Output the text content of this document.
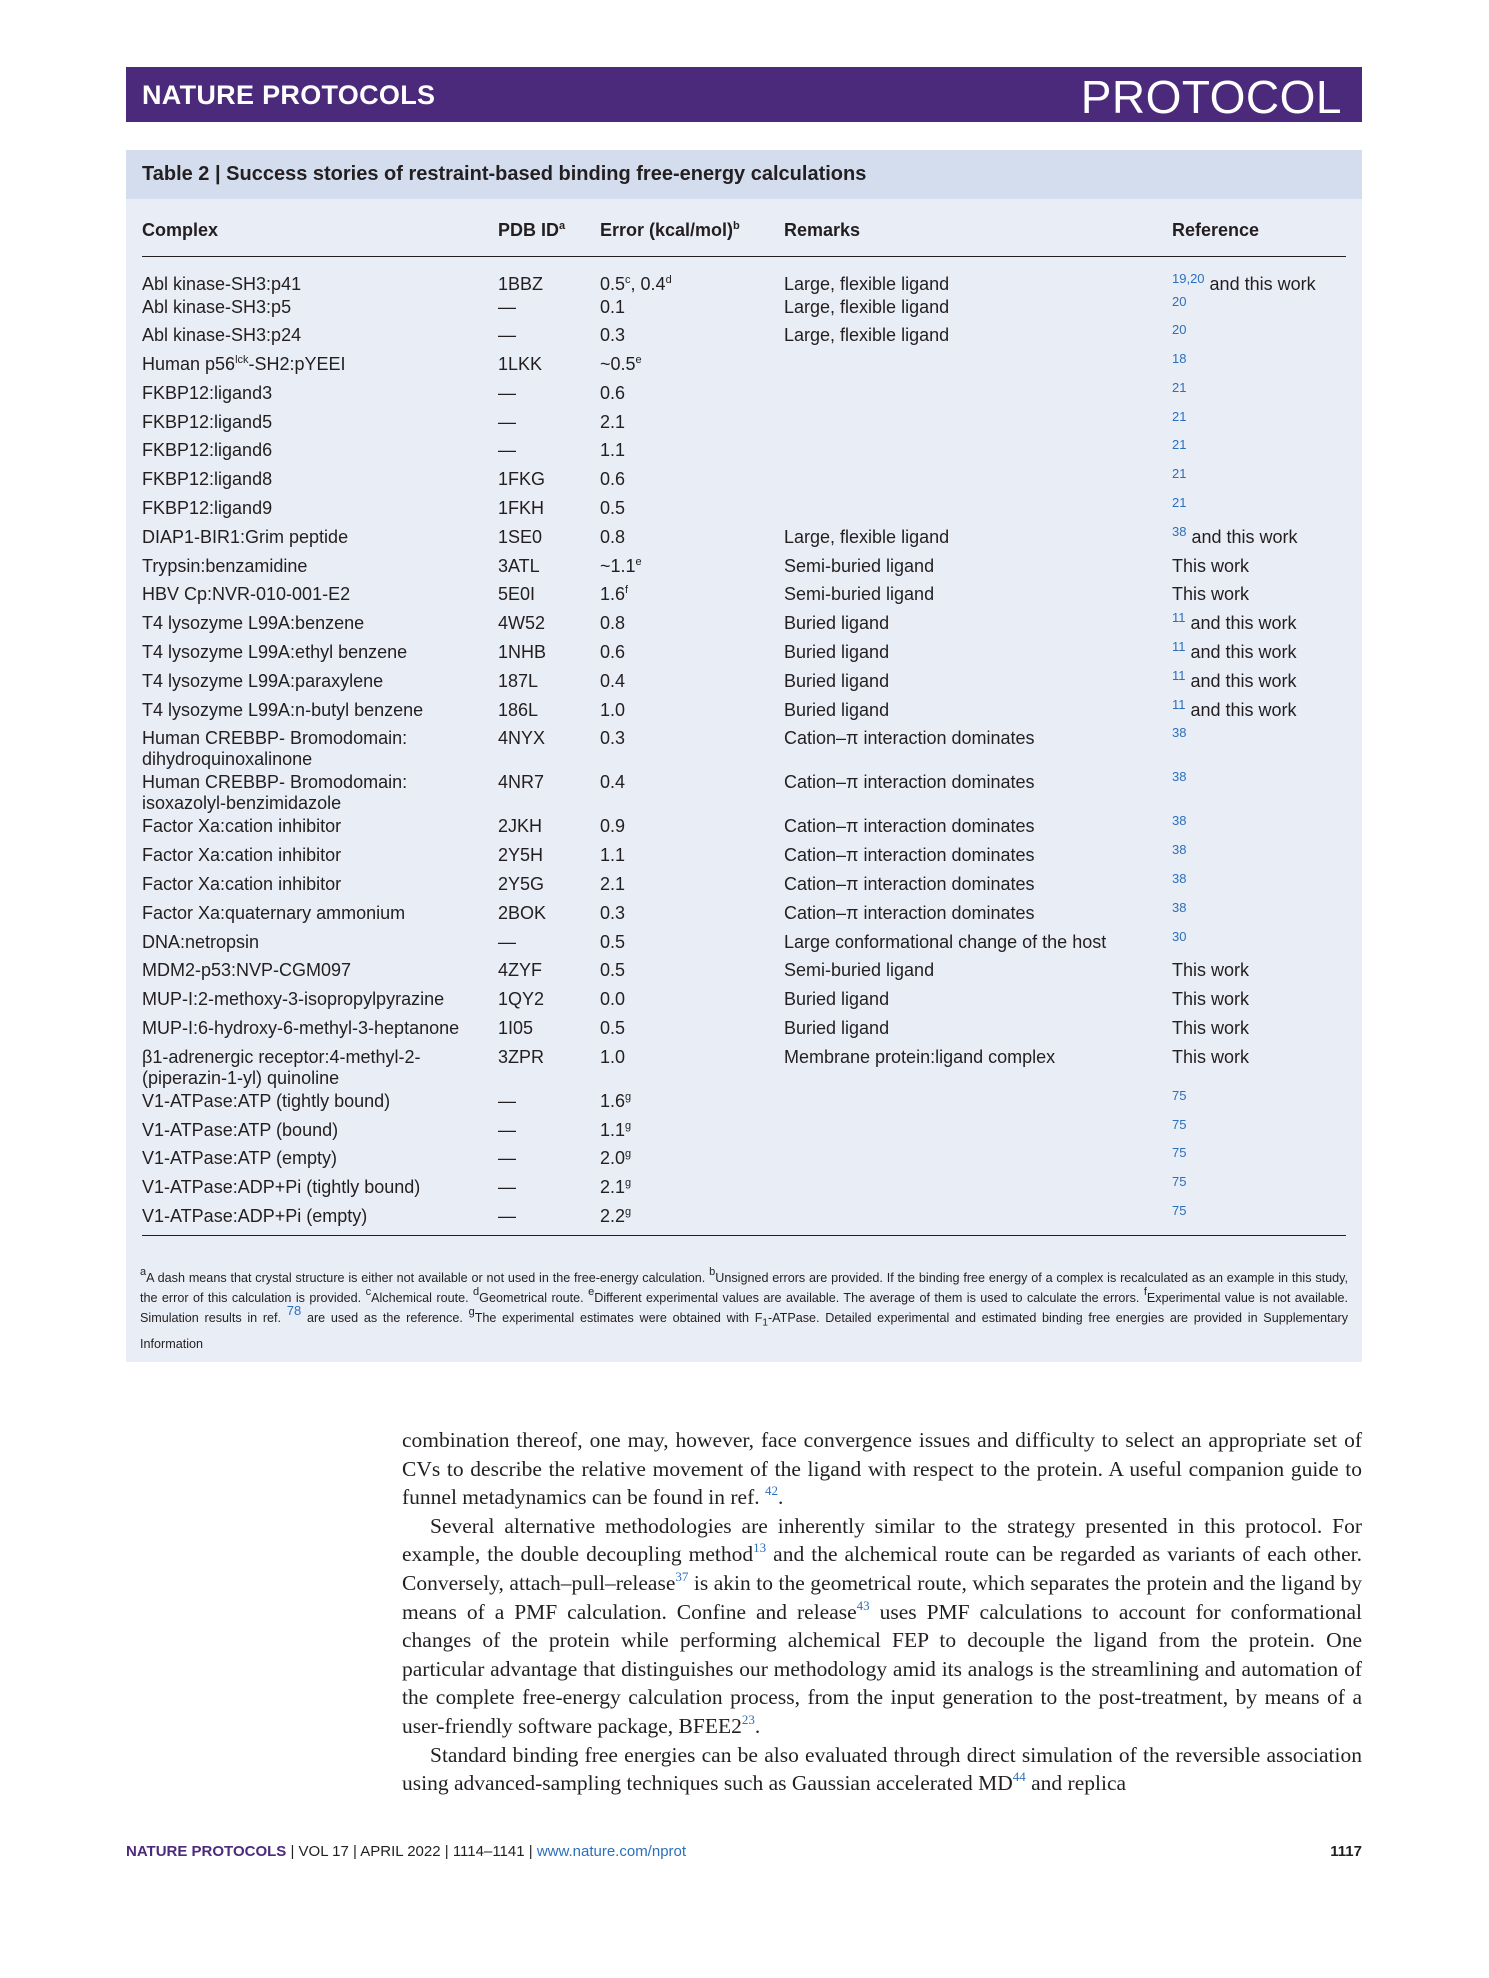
NATURE PROTOCOLS	PROTOCOL
Table 2 | Success stories of restraint-based binding free-energy calculations
Complex	PDB $ID^a$	Error (kcal/mol)$^b$	Remarks	Reference
Abl kinase-SH3:p41	1BBZ	0.5$^c$, 0.4$^d$	Large, flexible ligand	$^{19,20}$ and this work
Abl kinase-SH3:p5	—	0.1	Large, flexible ligand	$^{20}$
Abl kinase-SH3:p24	—	0.3	Large, flexible ligand	$^{20}$
Human $p56^{lck}-SH2:pYEEI$	1LKK	~0.5e		$^{18}$
FKBP12:ligand3	—	0.6		$^{21}$
FKBP12:ligand5	—	2.1		$^{21}$
FKBP12:ligand6	—	1.1		$^{21}$
FKBP12:ligand8	1FKG	0.6		$^{21}$
FKBP12:ligand9	1FKH	0.5		$^{21}$
DIAP1-BIR1:Grim peptide	1SE0	0.8	Large, flexible ligand	$^{38}$ and this work
Trypsin:benzamidine	3ATL	~1.1e	Semi-buried ligand	This work
HBV Cp:NVR-010-001-E2	5E0I	1.6$^f$	Semi-buried ligand	This work
T4 lysozyme L99A:benzene	4W52	0.8	Buried ligand	$^{11}$ and this work
T4 lysozyme L99A:ethyl benzene	1NHB	0.6	Buried ligand	$^{11}$ and this work
T4 lysozyme L99A:paraxylene	187L	0.4	Buried ligand	$^{11}$ and this work
T4 lysozyme L99A:n-butyl benzene	186L	1.0	Buried ligand	$^{11}$ and this work
Human CREBBP- Bromodomain:
dihydroquinoxalinone	4NYX	0.3	Cation–π interaction dominates	$^{38}$
Human CREBBP- Bromodomain:
isoxazolyl-benzimidazole	4NR7	0.4	Cation–π interaction dominates	$^{38}$
Factor Xa:cation inhibitor	2JKH	0.9	Cation–π interaction dominates	$^{38}$
Factor Xa:cation inhibitor	2Y5H	1.1	Cation–π interaction dominates	$^{38}$
Factor Xa:cation inhibitor	2Y5G	2.1	Cation–π interaction dominates	$^{38}$
Factor Xa:quaternary ammonium	2BOK	0.3	Cation–π interaction dominates	$^{38}$
DNA:netropsin	—	0.5	Large conformational change of the host	$^{30}$
MDM2-p53:NVP-CGM097	4ZYF	0.5	Semi-buried ligand	This work
MUP-I:2-methoxy-3-isopropylpyrazine	1QY2	0.0	Buried ligand	This work
MUP-I:6-hydroxy-6-methyl-3-heptanone	1I05	0.5	Buried ligand	This work
β1-adrenergic receptor:4-methyl-2-
(piperazin-1-yl) quinoline	3ZPR	1.0	Membrane protein:ligand complex	This work
V1-ATPase:ATP (tightly bound)	—	1.6$^g$		$^{75}$
V1-ATPase:ATP (bound)	—	1.1$^g$		$^{75}$
V1-ATPase:ATP (empty)	—	2.0$^g$		$^{75}$
V1-ATPase:ADP+Pi (tightly bound)	—	2.1$^g$		$^{75}$
V1-ATPase:ADP+Pi (empty)	—	2.2$^g$		$^{75}$
$^a$A dash means that crystal structure is either not available or not used in the free-energy calculation. $^b$Unsigned errors are provided. If the binding free energy of a complex is recalculated as an example in this study, the error of this calculation is provided. $^c$Alchemical route. $^d$Geometrical route. $^e$Different experimental values are available. The average of them is used to calculate the errors. $^f$Experimental value is not available. Simulation results in ref. 78 are used as the reference. $^g$The experimental estimates were obtained with $F_1$-ATPase. Detailed experimental and estimated binding free energies are provided in Supplementary Information

combination thereof, one may, however, face convergence issues and difficulty to select an appropriate set of CVs to describe the relative movement of the ligand with respect to the protein. A useful companion guide to funnel metadynamics can be found in ref. $^{42}$.

Several alternative methodologies are inherently similar to the strategy presented in this protocol. For example, the double decoupling method$^{13}$ and the alchemical route can be regarded as variants of each other. Conversely, attach–pull–release$^{37}$ is akin to the geometrical route, which separates the protein and the ligand by means of a PMF calculation. Confine and release$^{43}$ uses PMF calculations to account for conformational changes of the protein while performing alchemical FEP to decouple the ligand from the protein. One particular advantage that distinguishes our methodology amid its analogs is the streamlining and automation of the complete free-energy calculation process, from the input generation to the post-treatment, by means of a user-friendly software package, BFEE2$^{23}$.

Standard binding free energies can be also evaluated through direct simulation of the reversible association using advanced-sampling techniques such as Gaussian accelerated MD$^{44}$ and replica

NATURE PROTOCOLS | VOL 17 | APRIL 2022 | 1114–1141 | www.nature.com/nprot	1117
